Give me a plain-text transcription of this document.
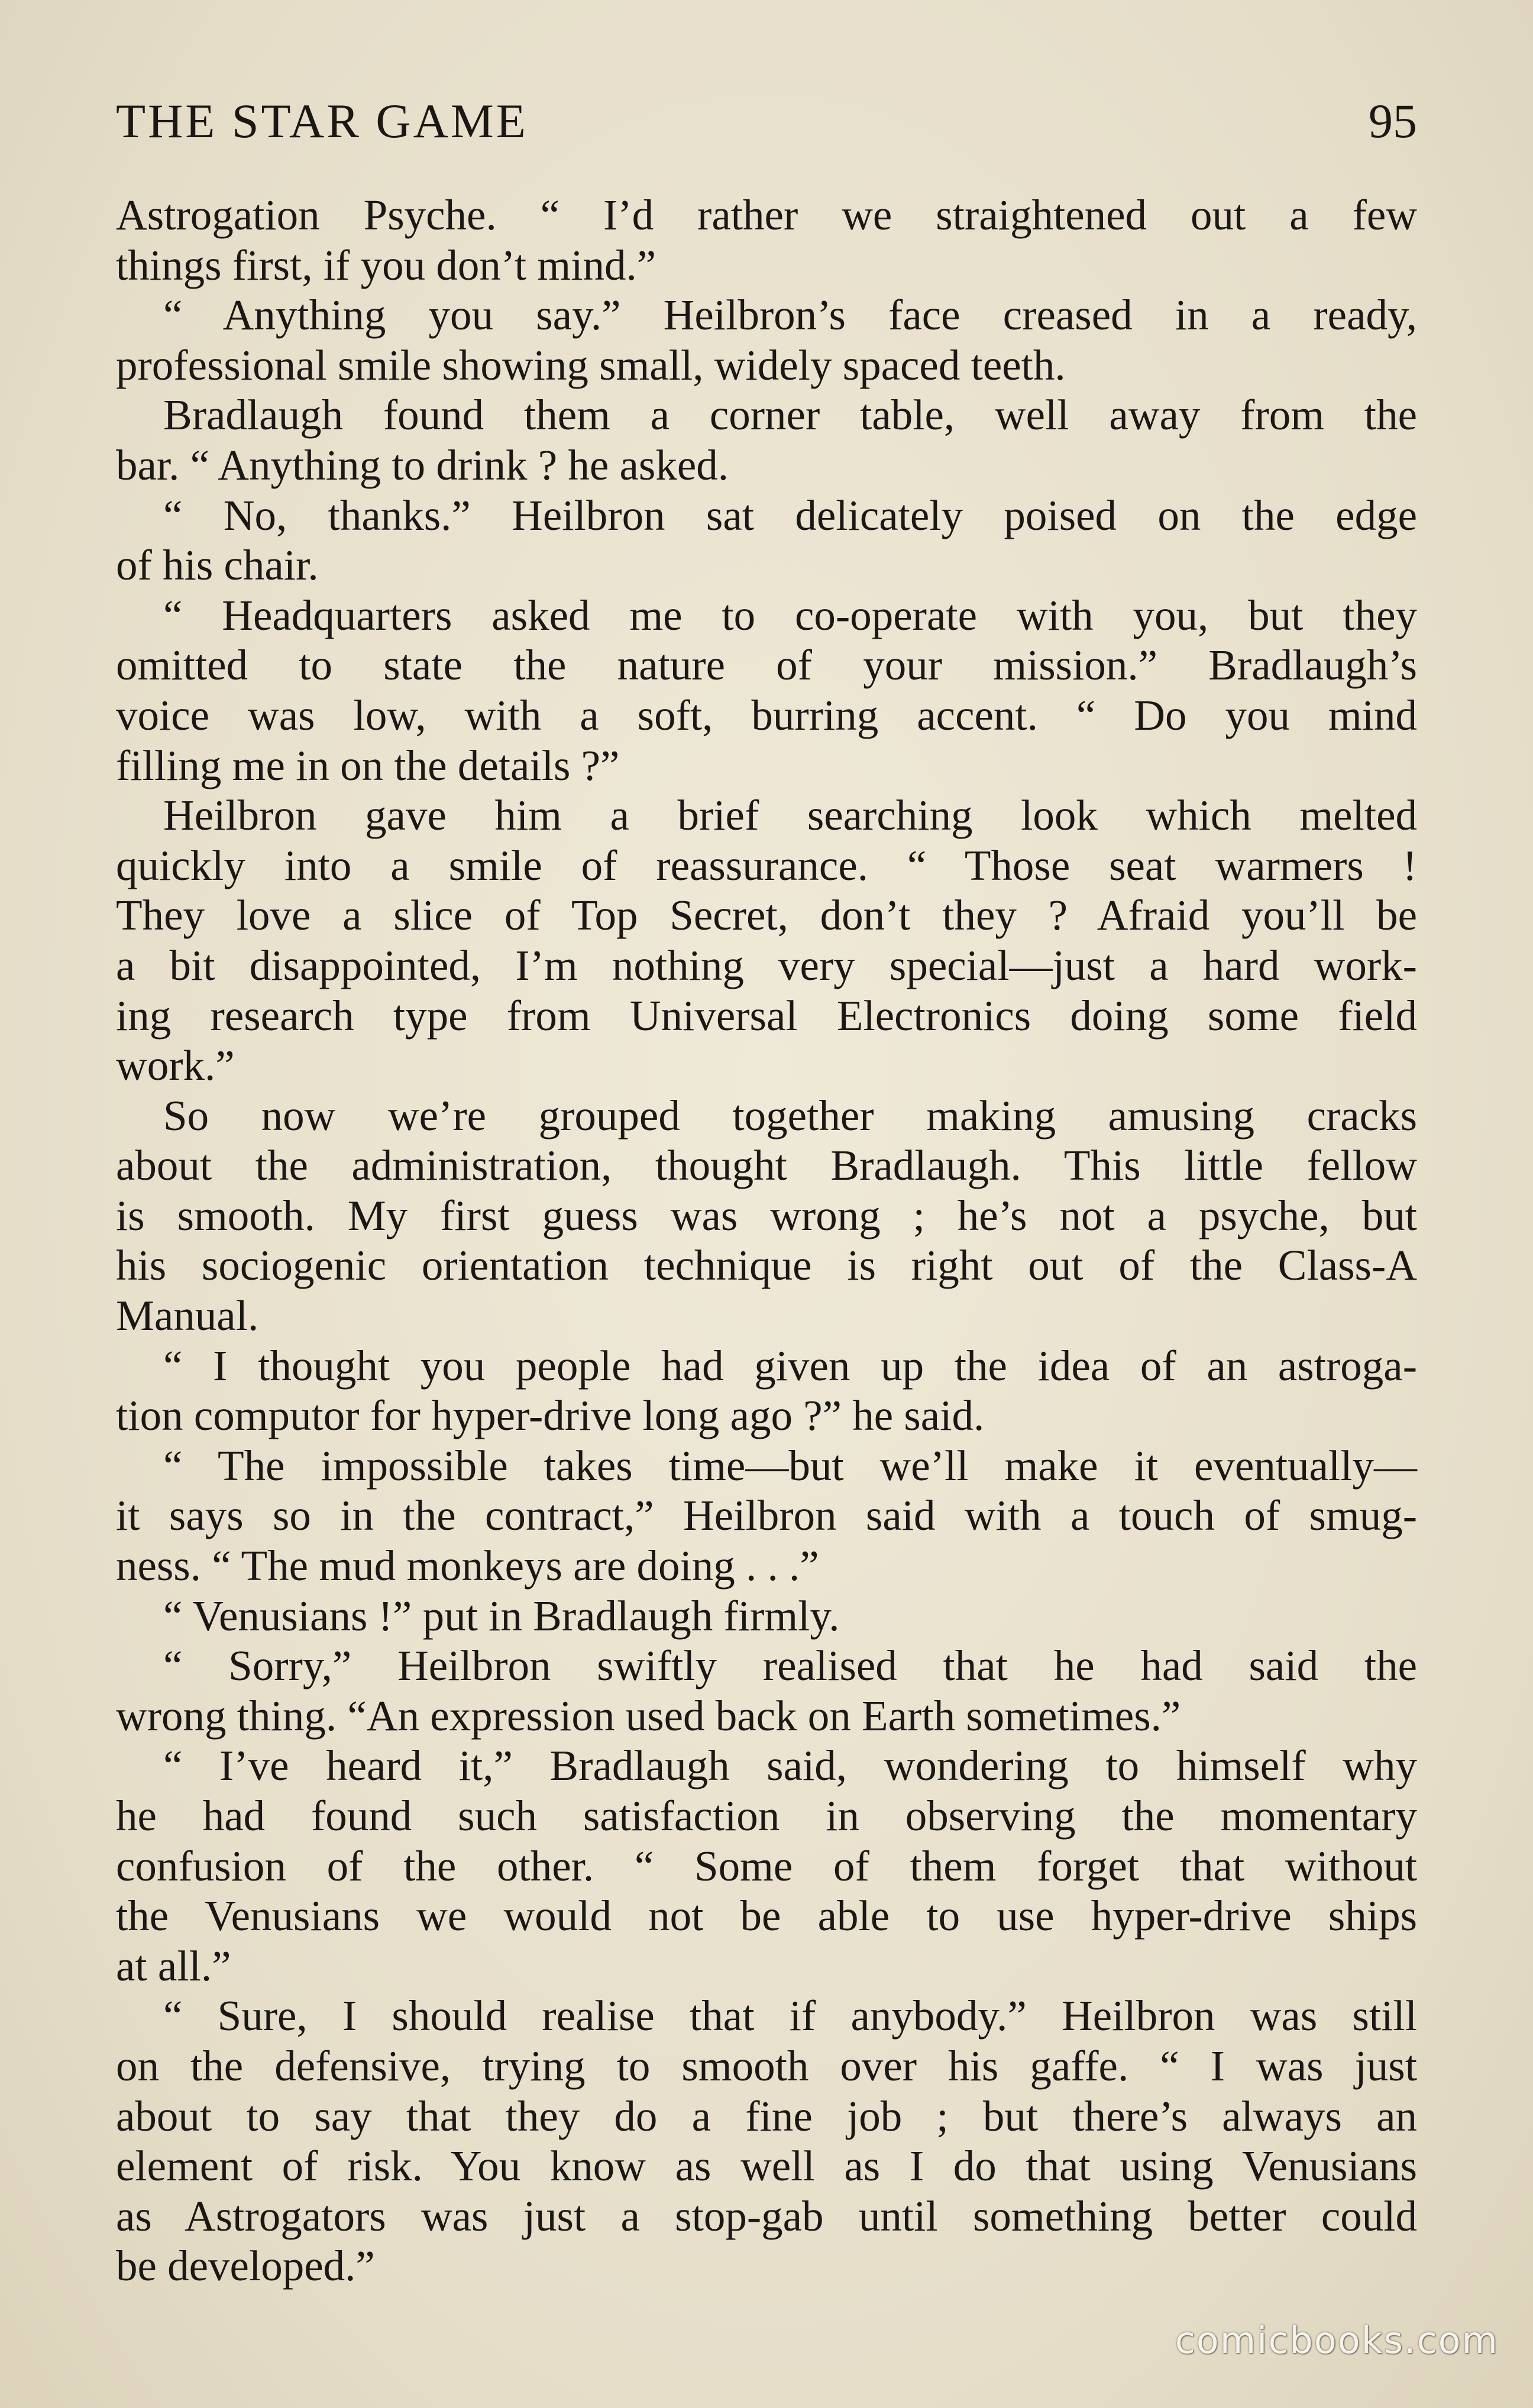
THE STAR GAME	95
Astrogation Psyche. “ I’d rather we straightened out a few
things first, if you don’t mind.”
“ Anything you say.” Heilbron’s face creased in a ready,
professional smile showing small, widely spaced teeth.
Bradlaugh found them a corner table, well away from the
bar. “ Anything to drink ? he asked.
“ No, thanks.” Heilbron sat delicately poised on the edge
of his chair.
“ Headquarters asked me to co-operate with you, but they
omitted to state the nature of your mission.” Bradlaugh’s
voice was low, with a soft, burring accent. “ Do you mind
filling me in on the details ?”
Heilbron gave him a brief searching look which melted
quickly into a smile of reassurance. “ Those seat warmers !
They love a slice of Top Secret, don’t they ? Afraid you’ll be
a bit disappointed, I’m nothing very special—just a hard work-
ing research type from Universal Electronics doing some field
work.”
So now we’re grouped together making amusing cracks
about the administration, thought Bradlaugh. This little fellow
is smooth. My first guess was wrong ; he’s not a psyche, but
his sociogenic orientation technique is right out of the Class-A
Manual.
“ I thought you people had given up the idea of an astroga-
tion computor for hyper-drive long ago ?” he said.
“ The impossible takes time—but we’ll make it eventually—
it says so in the contract,” Heilbron said with a touch of smug-
ness. “ The mud monkeys are doing . . .”
“ Venusians !” put in Bradlaugh firmly.
“ Sorry,” Heilbron swiftly realised that he had said the
wrong thing. “An expression used back on Earth sometimes.”
“ I’ve heard it,” Bradlaugh said, wondering to himself why
he had found such satisfaction in observing the momentary
confusion of the other. “ Some of them forget that without
the Venusians we would not be able to use hyper-drive ships
at all.”
“ Sure, I should realise that if anybody.” Heilbron was still
on the defensive, trying to smooth over his gaffe. “ I was just
about to say that they do a fine job ; but there’s always an
element of risk. You know as well as I do that using Venusians
as Astrogators was just a stop-gab until something better could
be developed.”
comicbooks.com
